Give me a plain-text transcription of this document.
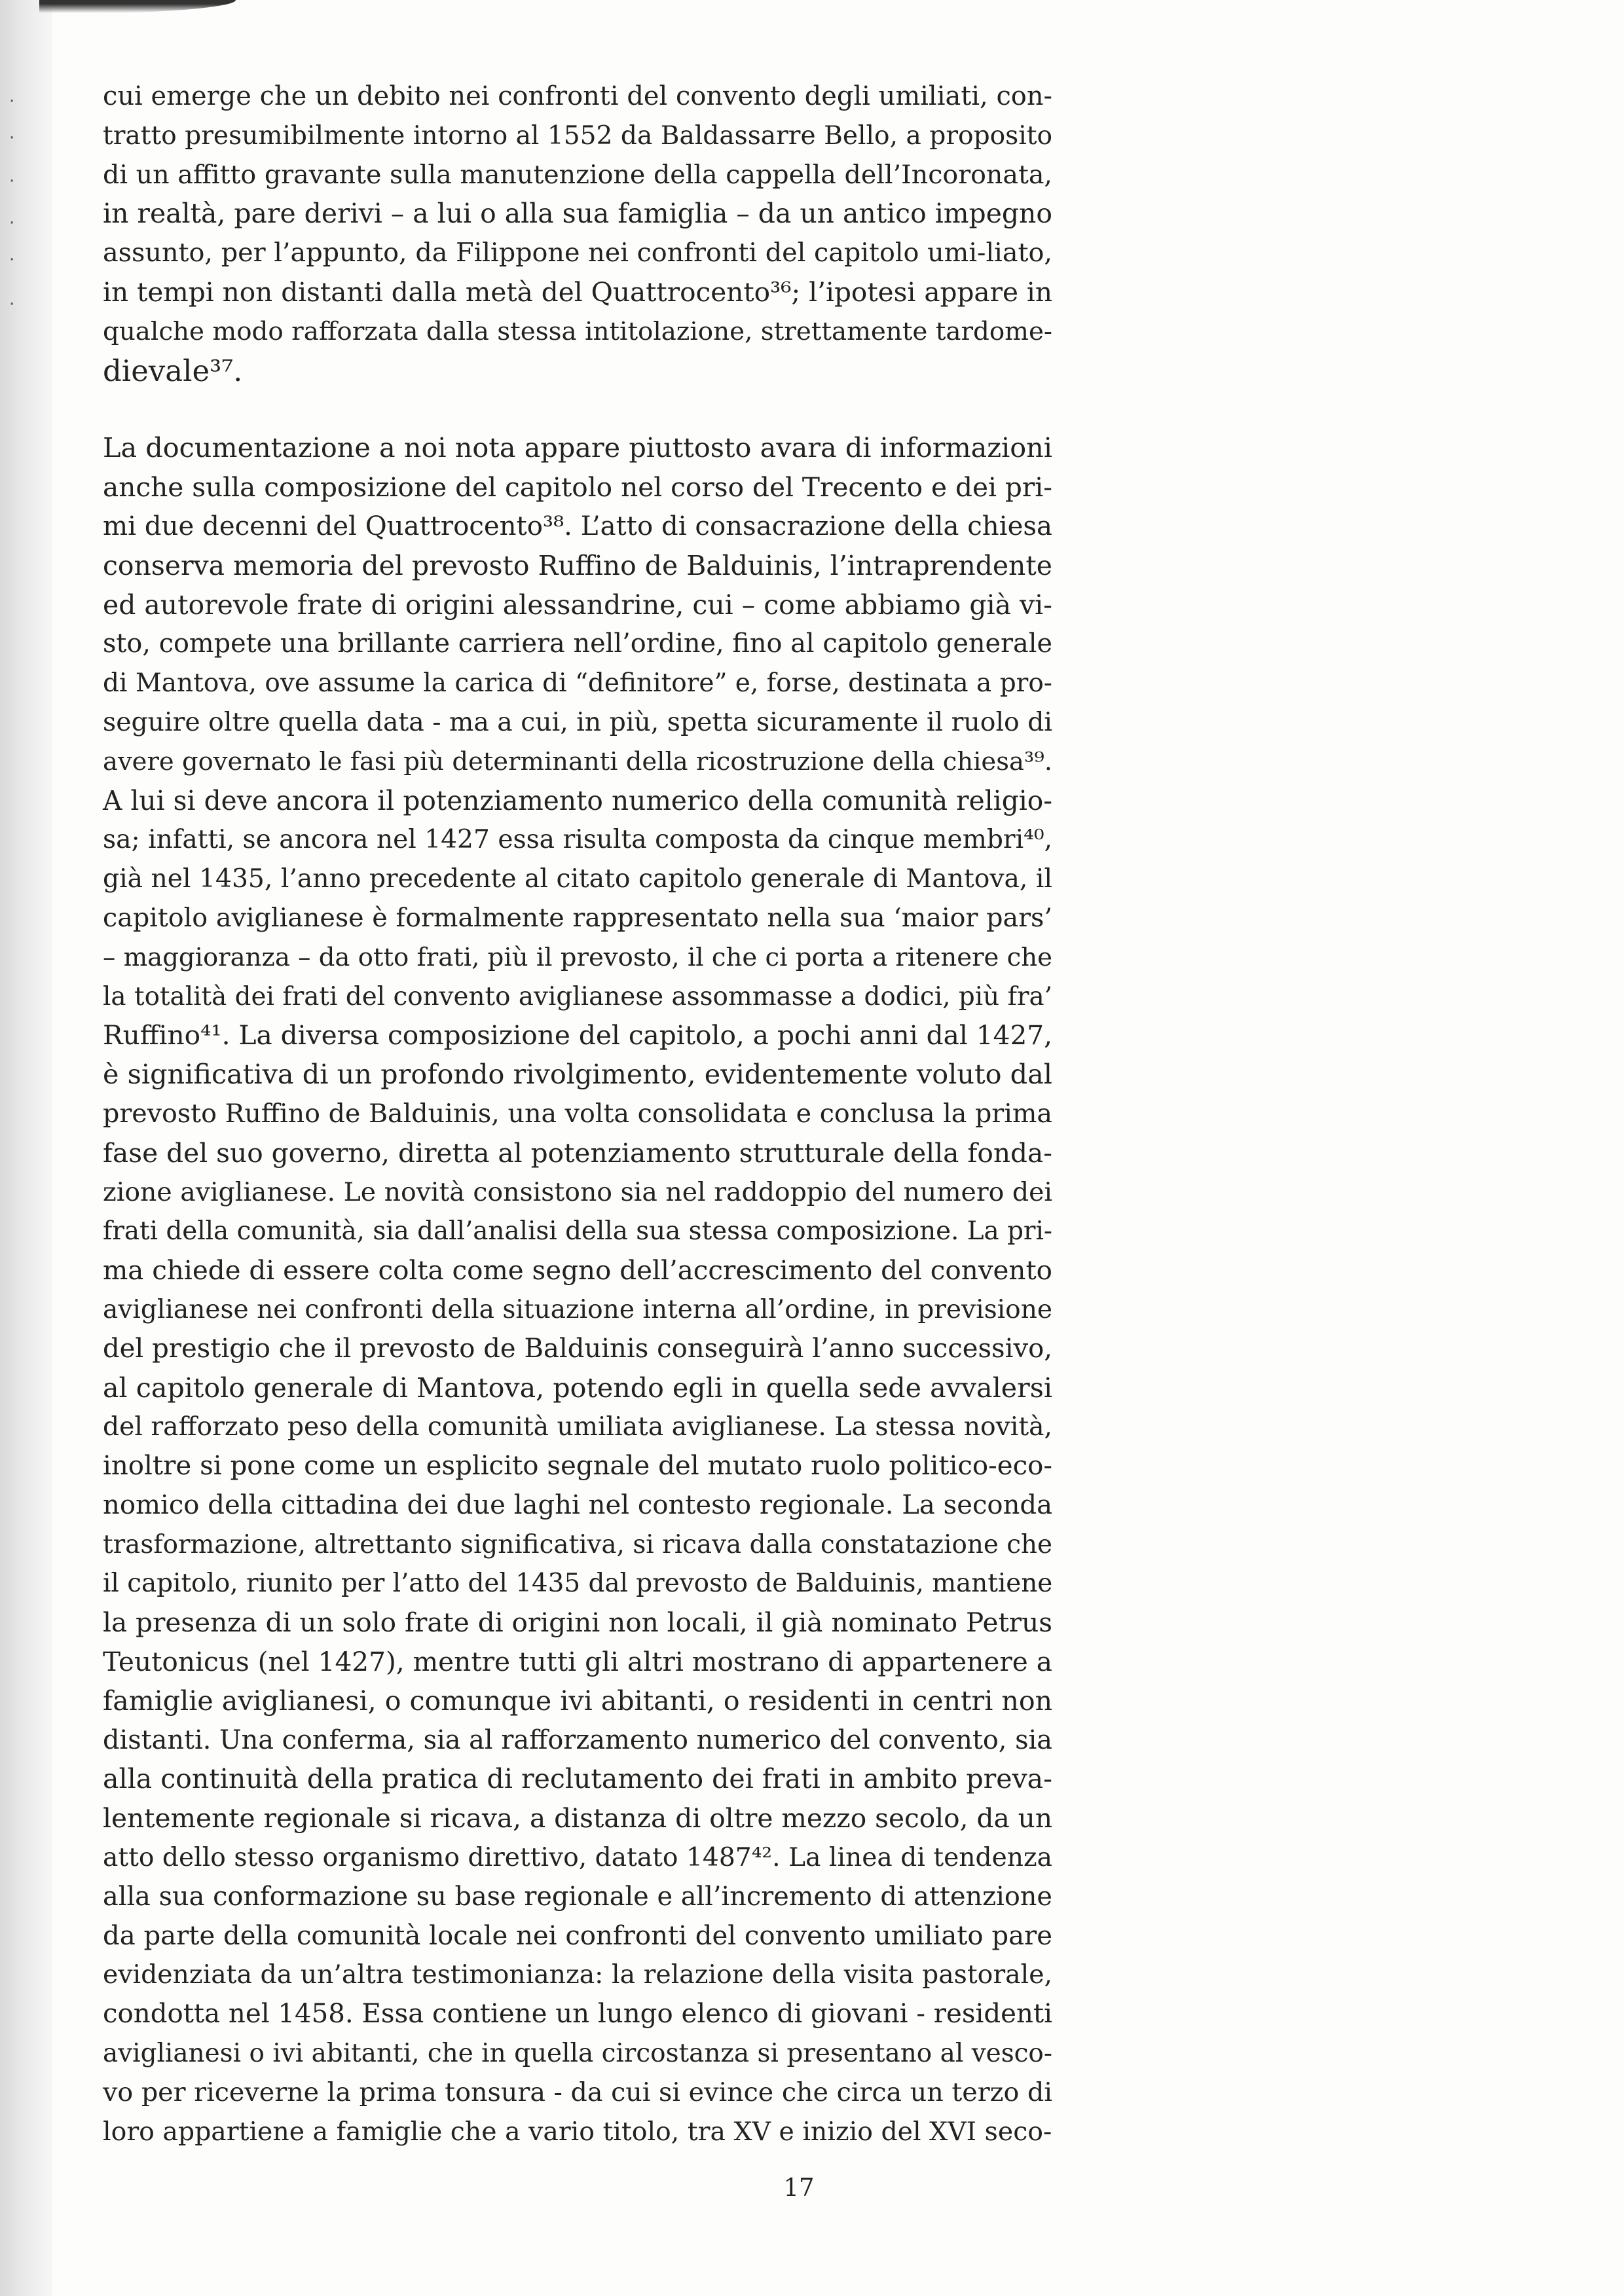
·
·
·
·
·
·
cui emerge che un debito nei confronti del convento degli umiliati, con-
tratto presumibilmente intorno al 1552 da Baldassarre Bello, a proposito
di un affitto gravante sulla manutenzione della cappella dell’Incoronata,
in realtà, pare derivi – a lui o alla sua famiglia – da un antico impegno
assunto, per l’appunto, da Filippone nei confronti del capitolo umi-liato,
in tempi non distanti dalla metà del Quattrocento³⁶; l’ipotesi appare in
qualche modo rafforzata dalla stessa intitolazione, strettamente tardome-
dievale³⁷.
La documentazione a noi nota appare piuttosto avara di informazioni
anche sulla composizione del capitolo nel corso del Trecento e dei pri-
mi due decenni del Quattrocento³⁸. L’atto di consacrazione della chiesa
conserva memoria del prevosto Ruffino de Balduinis, l’intraprendente
ed autorevole frate di origini alessandrine, cui – come abbiamo già vi-
sto, compete una brillante carriera nell’ordine, fino al capitolo generale
di Mantova, ove assume la carica di “definitore” e, forse, destinata a pro-
seguire oltre quella data - ma a cui, in più, spetta sicuramente il ruolo di
avere governato le fasi più determinanti della ricostruzione della chiesa³⁹.
A lui si deve ancora il potenziamento numerico della comunità religio-
sa; infatti, se ancora nel 1427 essa risulta composta da cinque membri⁴⁰,
già nel 1435, l’anno precedente al citato capitolo generale di Mantova, il
capitolo aviglianese è formalmente rappresentato nella sua ‘maior pars’
– maggioranza – da otto frati, più il prevosto, il che ci porta a ritenere che
la totalità dei frati del convento aviglianese assommasse a dodici, più fra’
Ruffino⁴¹. La diversa composizione del capitolo, a pochi anni dal 1427,
è significativa di un profondo rivolgimento, evidentemente voluto dal
prevosto Ruffino de Balduinis, una volta consolidata e conclusa la prima
fase del suo governo, diretta al potenziamento strutturale della fonda-
zione aviglianese. Le novità consistono sia nel raddoppio del numero dei
frati della comunità, sia dall’analisi della sua stessa composizione. La pri-
ma chiede di essere colta come segno dell’accrescimento del convento
aviglianese nei confronti della situazione interna all’ordine, in previsione
del prestigio che il prevosto de Balduinis conseguirà l’anno successivo,
al capitolo generale di Mantova, potendo egli in quella sede avvalersi
del rafforzato peso della comunità umiliata aviglianese. La stessa novità,
inoltre si pone come un esplicito segnale del mutato ruolo politico-eco-
nomico della cittadina dei due laghi nel contesto regionale. La seconda
trasformazione, altrettanto significativa, si ricava dalla constatazione che
il capitolo, riunito per l’atto del 1435 dal prevosto de Balduinis, mantiene
la presenza di un solo frate di origini non locali, il già nominato Petrus
Teutonicus (nel 1427), mentre tutti gli altri mostrano di appartenere a
famiglie aviglianesi, o comunque ivi abitanti, o residenti in centri non
distanti. Una conferma, sia al rafforzamento numerico del convento, sia
alla continuità della pratica di reclutamento dei frati in ambito preva-
lentemente regionale si ricava, a distanza di oltre mezzo secolo, da un
atto dello stesso organismo direttivo, datato 1487⁴². La linea di tendenza
alla sua conformazione su base regionale e all’incremento di attenzione
da parte della comunità locale nei confronti del convento umiliato pare
evidenziata da un’altra testimonianza: la relazione della visita pastorale,
condotta nel 1458. Essa contiene un lungo elenco di giovani - residenti
aviglianesi o ivi abitanti, che in quella circostanza si presentano al vesco-
vo per riceverne la prima tonsura - da cui si evince che circa un terzo di
loro appartiene a famiglie che a vario titolo, tra XV e inizio del XVI seco-
17
